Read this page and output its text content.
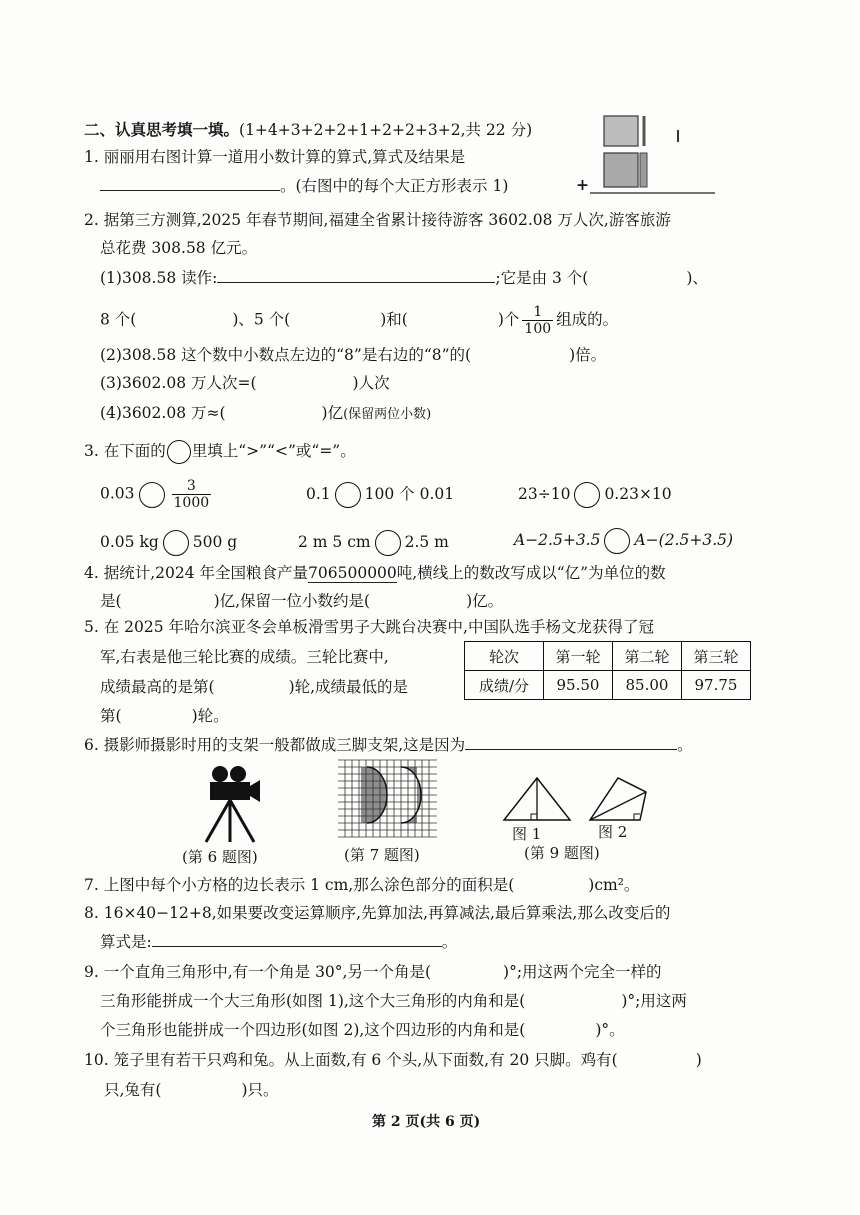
二、认真思考填一填。(1+4+3+2+2+1+2+2+3+2,共 22 分)
1. 丽丽用右图计算一道用小数计算的算式,算式及结果是
。(右图中的每个大正方形表示 1)	+
2. 据第三方测算,2025 年春节期间,福建全省累计接待游客 3602.08 万人次,游客旅游
总花费 308.58 亿元。
(1)308.58 读作:	;它是由 3 个(	)、
8 个(	)、5 个(	)和(	)个 $\frac{1}{100}$ 组成的。
(2)308.58 这个数中小数点左边的“8”是右边的“8”的(	)倍。
(3)3602.08 万人次=(	)人次
(4)3602.08 万≈(	)亿(保留两位小数)
3. 在下面的 里填上“>”“<”或“=”。
0.03	$\frac{3}{1000}$	0.1 100 个 0.01	23÷10 0.23×10
0.05 kg 500 g	2 m 5 cm 2.5 m	A−2.5+3.5 A−(2.5+3.5)
4. 据统计,2024 年全国粮食产量706500000吨,横线上的数改写成以“亿”为单位的数
是(	)亿,保留一位小数约是(	)亿。
5. 在 2025 年哈尔滨亚冬会单板滑雪男子大跳台决赛中,中国队选手杨文龙获得了冠
军,右表是他三轮比赛的成绩。三轮比赛中,
成绩最高的是第(	)轮,成绩最低的是
第(	)轮。
轮次	第一轮	第二轮	第三轮
成绩/分	95.50	85.00	97.75
6. 摄影师摄影时用的支架一般都做成三脚支架,这是因为	。
图 1	图 2
(第 6 题图)	(第 7 题图)	(第 9 题图)
7. 上图中每个小方格的边长表示 1 cm,那么涂色部分的面积是(	)cm²。
8. 16×40−12+8,如果要改变运算顺序,先算加法,再算减法,最后算乘法,那么改变后的
算式是:	。
9. 一个直角三角形中,有一个角是 30°,另一个角是(	)°;用这两个完全一样的
三角形能拼成一个大三角形(如图 1),这个大三角形的内角和是(	)°;用这两
个三角形也能拼成一个四边形(如图 2),这个四边形的内角和是(	)°。
10. 笼子里有若干只鸡和兔。从上面数,有 6 个头,从下面数,有 20 只脚。鸡有(	)
只,兔有(	)只。
第 2 页(共 6 页)
